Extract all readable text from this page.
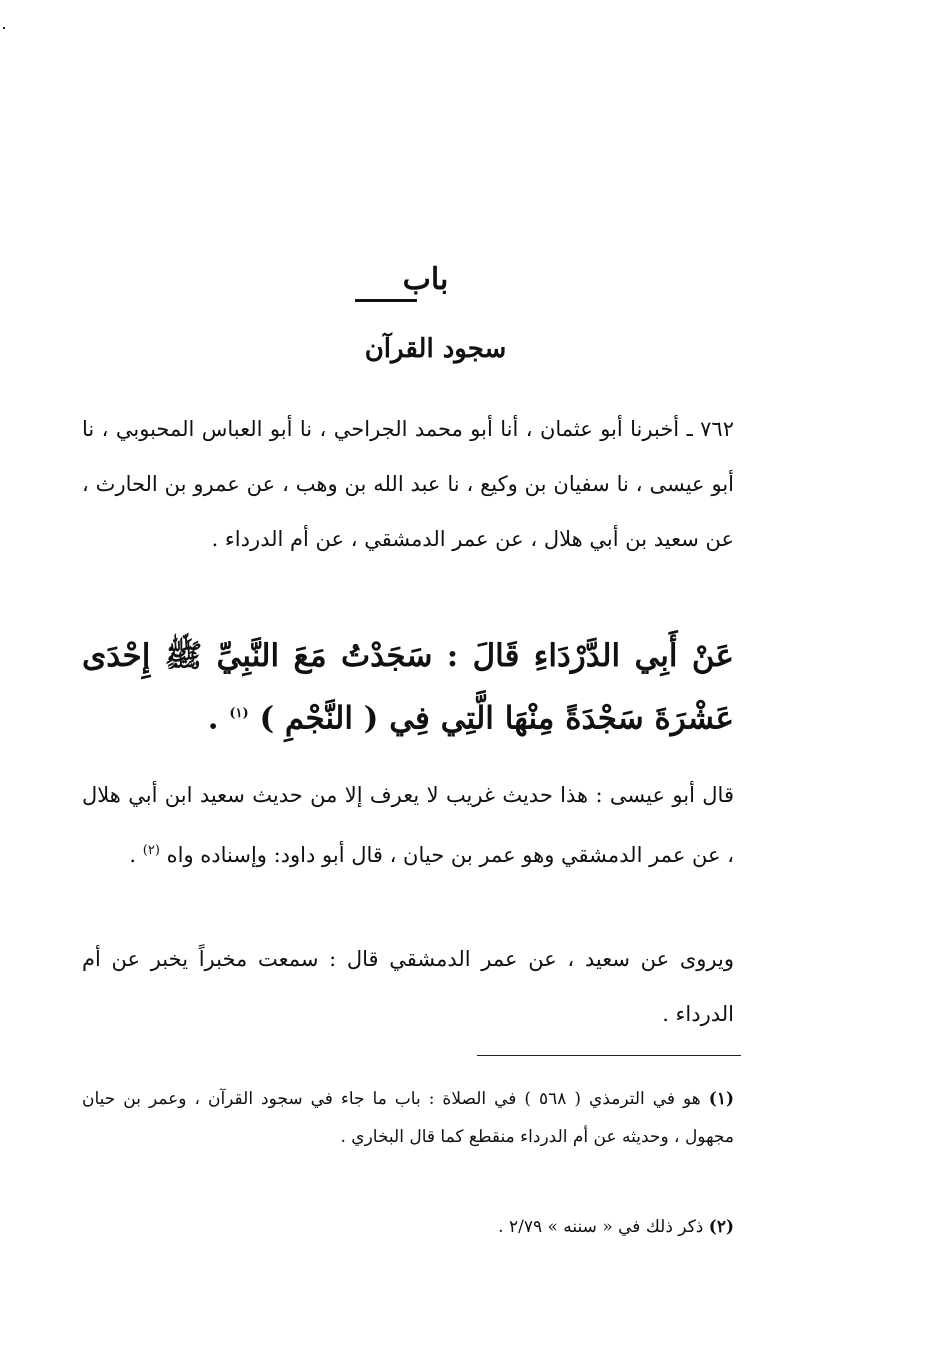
باب
سجود القرآن

٧٦٢ ـ أخبرنا أبو عثمان ، أنا أبو محمد الجراحي ، نا أبو العباس المحبوبي ، نا أبو عيسى ، نا سفيان بن وكيع ، نا عبد الله بن وهب ، عن عمرو بن الحارث ، عن سعيد بن أبي هلال ، عن عمر الدمشقي ، عن أم الدرداء .

عَنْ أَبِي الدَّرْدَاءِ قَالَ : سَجَدْتُ مَعَ النَّبِيِّ ﷺ إِحْدَى عَشْرَةَ سَجْدَةً مِنْهَا الَّتِي فِي ( النَّجْمِ ) $^{(١)}$ .

قال أبو عيسى : هذا حديث غريب لا يعرف إلا من حديث سعيد ابن أبي هلال ، عن عمر الدمشقي وهو عمر بن حيان ، قال أبو داود: وإسناده واه $^{(٢)}$ .

ويروى عن سعيد ، عن عمر الدمشقي قال : سمعت مخبراً يخبر عن أم الدرداء .

(١) هو في الترمذي ( ٥٦٨ ) في الصلاة : باب ما جاء في سجود القرآن ، وعمر بن حيان مجهول ، وحديثه عن أم الدرداء منقطع كما قال البخاري .

(٢) ذكر ذلك في « سننه » ٢/٧٩ .
